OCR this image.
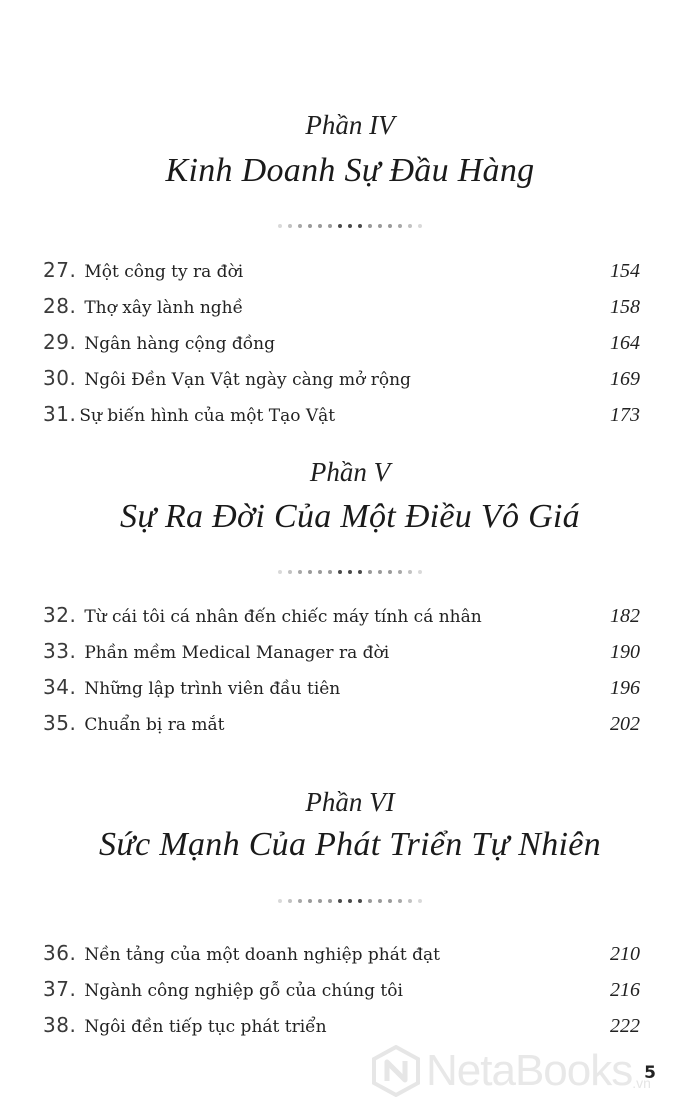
Phần IV
Kinh Doanh Sự Đầu Hàng
27. Một công ty ra đời	154
28. Thợ xây lành nghề	158
29. Ngân hàng cộng đồng	164
30. Ngôi Đền Vạn Vật ngày càng mở rộng	169
31. Sự biến hình của một Tạo Vật	173
Phần V
Sự Ra Đời Của Một Điều Vô Giá
32. Từ cái tôi cá nhân đến chiếc máy tính cá nhân	182
33. Phần mềm Medical Manager ra đời	190
34. Những lập trình viên đầu tiên	196
35. Chuẩn bị ra mắt	202
Phần VI
Sức Mạnh Của Phát Triển Tự Nhiên
36. Nền tảng của một doanh nghiệp phát đạt	210
37. Ngành công nghiệp gỗ của chúng tôi	216
38. Ngôi đền tiếp tục phát triển	222
NetaBooks .vn
5
